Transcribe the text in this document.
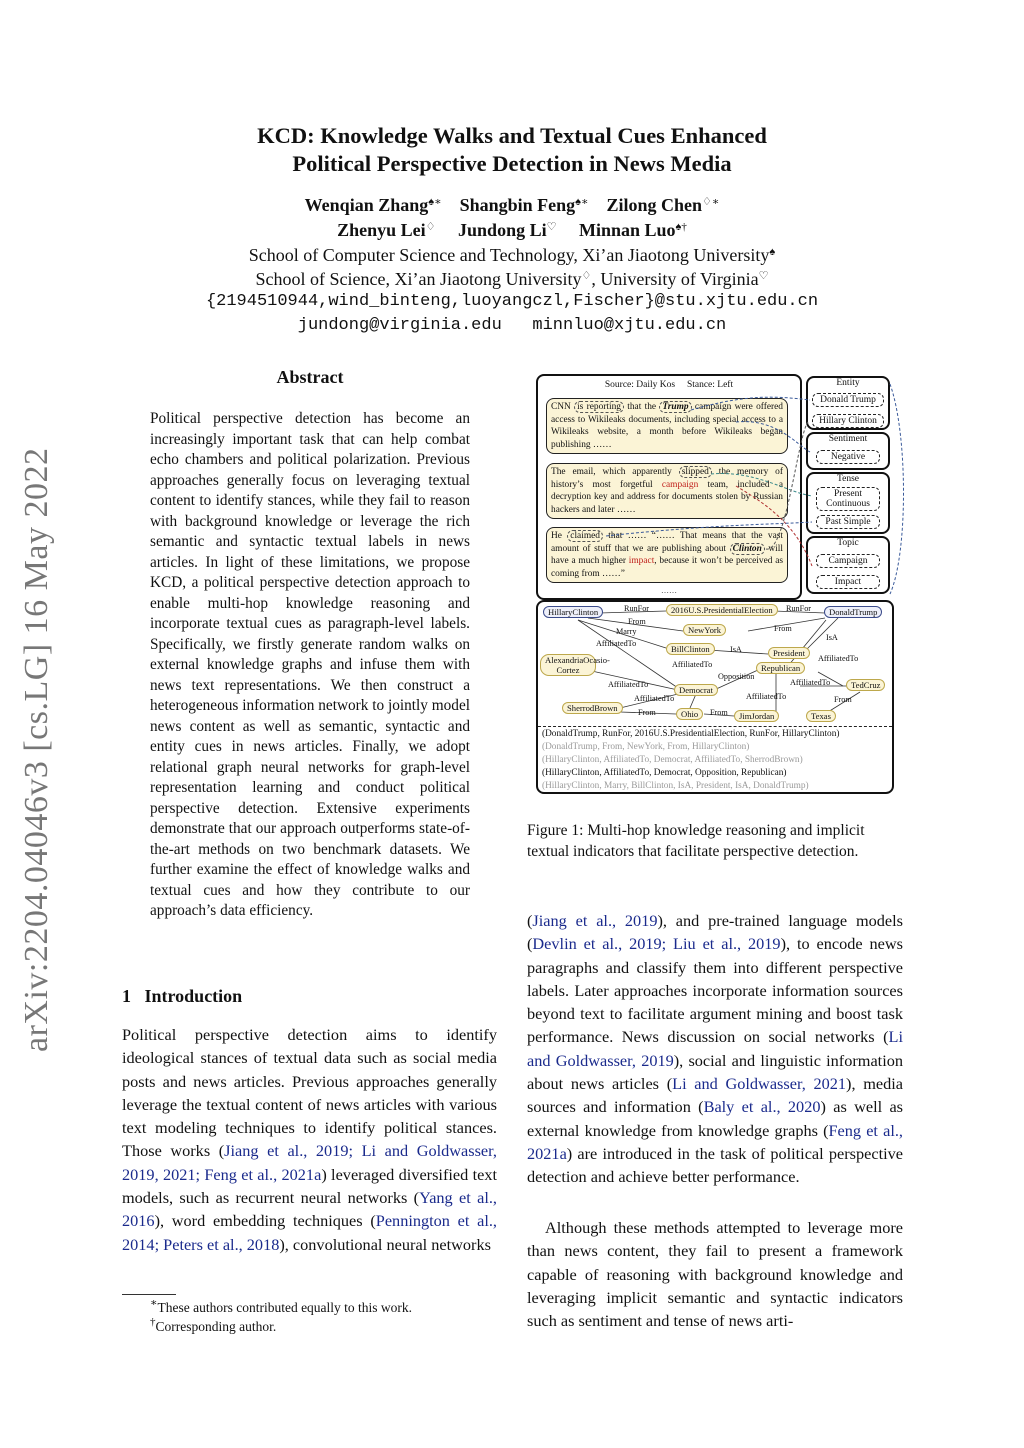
arXiv:2204.04046v3 [cs.LG] 16 May 2022
KCD: Knowledge Walks and Textual Cues Enhanced
Political Perspective Detection in News Media
Wenqian Zhang♠∗ Shangbin Feng♠∗ Zilong Chen♢∗
Zhenyu Lei♢ Jundong Li♡ Minnan Luo♠†
School of Computer Science and Technology, Xi’an Jiaotong University♠
School of Science, Xi’an Jiaotong University♢, University of Virginia♡
{2194510944,wind_binteng,luoyangczl,Fischer}@stu.xjtu.edu.cn
jundong@virginia.edu   minnluo@xjtu.edu.cn
Abstract
Political perspective detection has become an increasingly important task that can help combat echo chambers and political polarization. Previous approaches generally focus on leveraging textual content to identify stances, while they fail to reason with background knowledge or leverage the rich semantic and syntactic textual labels in news articles. In light of these limitations, we propose KCD, a political perspective detection approach to enable multi-hop knowledge reasoning and incorporate textual cues as paragraph-level labels. Specifically, we firstly generate random walks on external knowledge graphs and infuse them with news text representations. We then construct a heterogeneous information network to jointly model news content as well as semantic, syntactic and entity cues in news articles. Finally, we adopt relational graph neural networks for graph-level representation learning and conduct political perspective detection. Extensive experiments demonstrate that our approach outperforms state-of-the-art methods on two benchmark datasets. We further examine the effect of knowledge walks and textual cues and how they contribute to our approach’s data efficiency.
1 Introduction
Political perspective detection aims to identify ideological stances of textual data such as social media posts and news articles. Previous approaches generally leverage the textual content of news articles with various text modeling techniques to identify political stances. Those works (Jiang et al., 2019; Li and Goldwasser, 2019, 2021; Feng et al., 2021a) leveraged diversified text models, such as recurrent neural networks (Yang et al., 2016), word embedding techniques (Pennington et al., 2014; Peters et al., 2018), convolutional neural networks
∗These authors contributed equally to this work.
†Corresponding author.
Source: Daily Kos Stance: Left
CNN is reporting that the Trump campaign were offered access to Wikileaks documents, including special access to a Wikileaks website, a month before Wikileaks began publishing ……
The email, which apparently slipped the memory of history’s most forgetful campaign team, included a decryption key and address for documents stolen by Russian hackers and later ……
He claimed that …… “…… That means that the vast amount of stuff that we are publishing about Clinton will have a much higher impact, because it won’t be perceived as coming from ……”
……
Entity
Donald Trump
Hillary Clinton
Sentiment
Negative
Tense
Present Continuous
Past Simple
Topic
Campaign
Impact
HillaryClinton	2016U.S.PresidentialElection	DonaldTrump
NewYork
BillClinton	President
AlexandriaOcasio-Cortez	Republican
TedCruz
Democrat
SherrodBrown
Ohio	JimJordan	Texas
RunFor	RunFor
From
From
Marry
AffiliatedTo
IsA
IsA
AffiliatedTo
AffiliatedTo
Opposition
AffiliatedTo	AffiliatedTo
AffiliatedTo	AffiliatedTo	From
From	From
(DonaldTrump, RunFor, 2016U.S.PresidentialElection, RunFor, HillaryClinton)
(DonaldTrump, From, NewYork, From, HillaryClinton)
(HillaryClinton, AffiliatedTo, Democrat, AffiliatedTo, SherrodBrown)
(HillaryClinton, AffiliatedTo, Democrat, Opposition, Republican)
(HillaryClinton, Marry, BillClinton, IsA, President, IsA, DonaldTrump)
Figure 1: Multi-hop knowledge reasoning and implicit textual indicators that facilitate perspective detection.
(Jiang et al., 2019), and pre-trained language models (Devlin et al., 2019; Liu et al., 2019), to encode news paragraphs and classify them into different perspective labels. Later approaches incorporate information sources beyond text to facilitate argument mining and boost task performance. News discussion on social networks (Li and Goldwasser, 2019), social and linguistic information about news articles (Li and Goldwasser, 2021), media sources and information (Baly et al., 2020) as well as external knowledge from knowledge graphs (Feng et al., 2021a) are introduced in the task of political perspective detection and achieve better performance.
Although these methods attempted to leverage more than news content, they fail to present a framework capable of reasoning with background knowledge and leveraging implicit semantic and syntactic indicators such as sentiment and tense of news arti-
